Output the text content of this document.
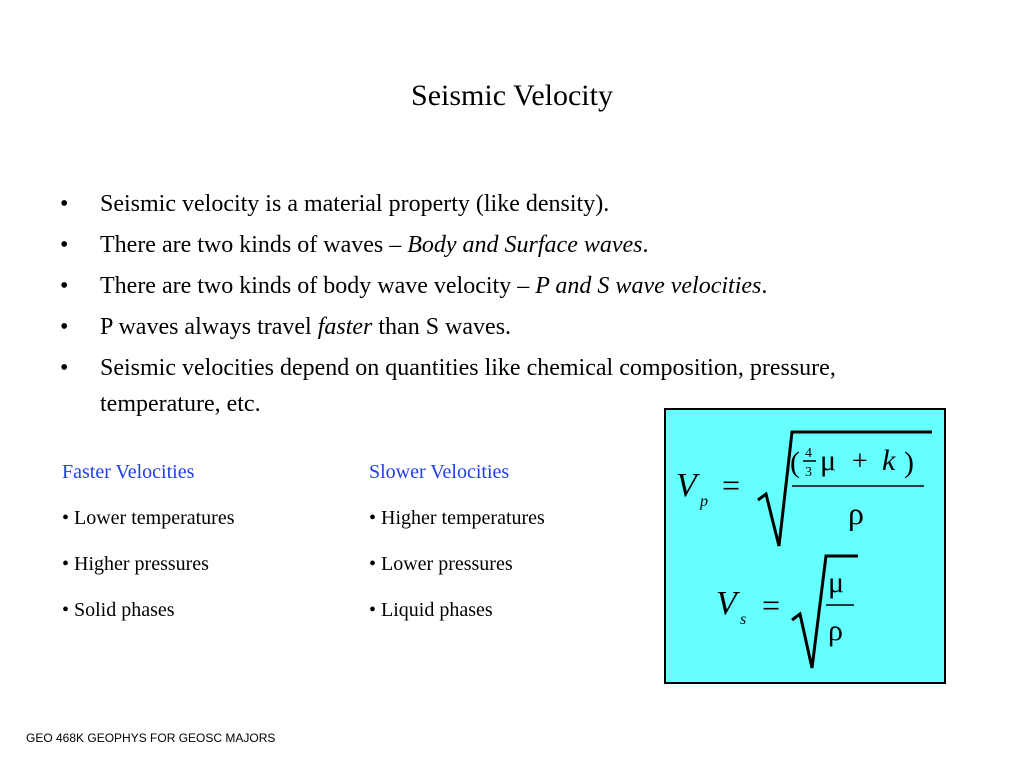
Seismic Velocity
• Seismic velocity is a material property (like density).
• There are two kinds of waves – Body and Surface waves.
• There are two kinds of body wave velocity – P and S wave velocities.
• P waves always travel faster than S waves.
• Seismic velocities depend on quantities like chemical composition, pressure, temperature, etc.
Faster Velocities
• Lower temperatures
• Higher pressures
• Solid phases
Slower Velocities
• Higher temperatures
• Lower pressures
• Liquid phases
V p =
( 4
3 μ + k )
ρ
V s =
μ
ρ
GEO 468K GEOPHYS FOR GEOSC MAJORS
